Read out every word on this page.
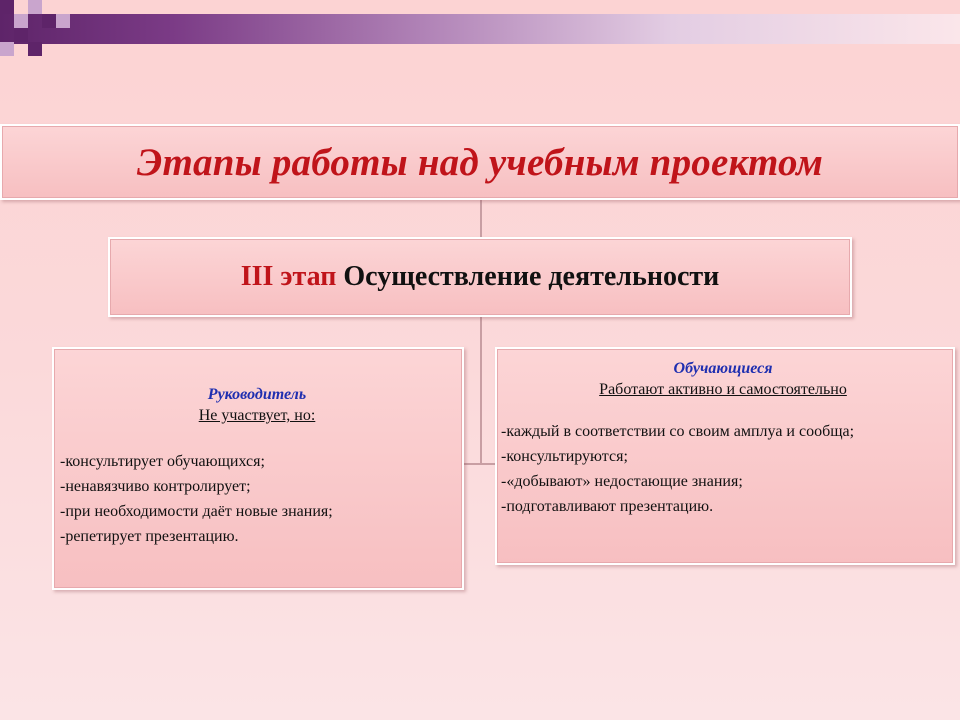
Этапы работы над учебным проектом
III этап Осуществление деятельности
Руководитель
Не участвует, но:
-консультирует обучающихся;
-ненавязчиво контролирует;
-при необходимости даёт новые знания;
-репетирует презентацию.
Обучающиеся
Работают активно и самостоятельно
-каждый в соответствии со своим амплуа и сообща;
-консультируются;
-«добывают» недостающие знания;
-подготавливают презентацию.
